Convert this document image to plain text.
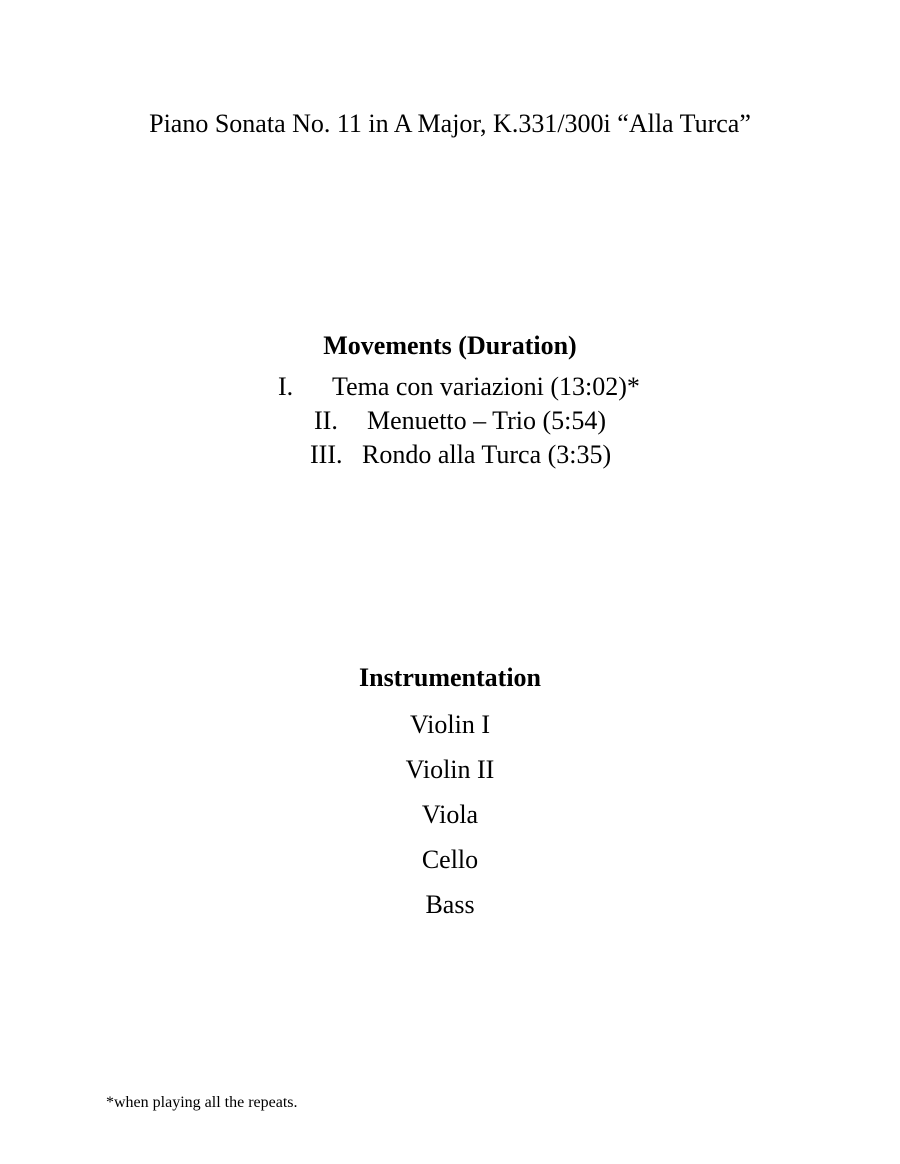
Piano Sonata No. 11 in A Major, K.331/300i “Alla Turca”
Movements (Duration)
I. Tema con variazioni (13:02)*
II. Menuetto – Trio (5:54)
III. Rondo alla Turca (3:35)
Instrumentation
Violin I
Violin II
Viola
Cello
Bass
*when playing all the repeats.
